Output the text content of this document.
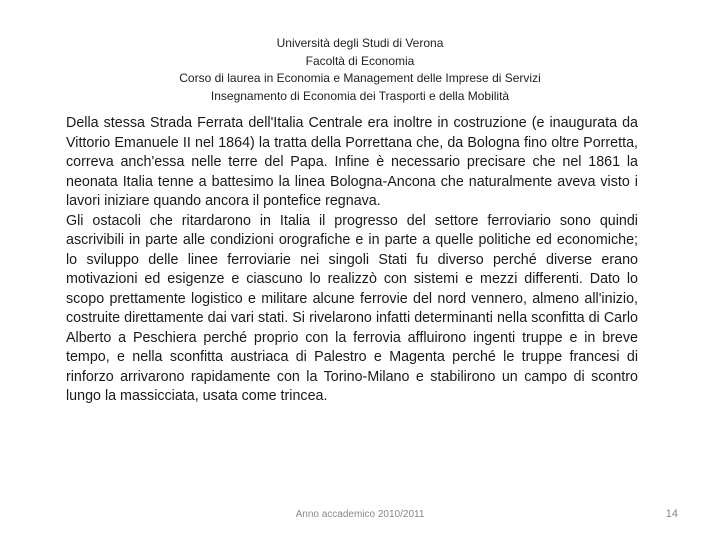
Università degli Studi di Verona
Facoltà di Economia
Corso di laurea in Economia e Management delle Imprese di Servizi
Insegnamento di Economia dei Trasporti e della Mobilità

Della stessa Strada Ferrata dell'Italia Centrale era inoltre in costruzione (e inaugurata da Vittorio Emanuele II nel 1864) la tratta della Porrettana che, da Bologna fino oltre Porretta, correva anch'essa nelle terre del Papa. Infine è necessario precisare che nel 1861 la neonata Italia tenne a battesimo la linea Bologna-Ancona che naturalmente aveva visto i lavori iniziare quando ancora il pontefice regnava.

Gli ostacoli che ritardarono in Italia il progresso del settore ferroviario sono quindi ascrivibili in parte alle condizioni orografiche e in parte a quelle politiche ed economiche; lo sviluppo delle linee ferroviarie nei singoli Stati fu diverso perché diverse erano motivazioni ed esigenze e ciascuno lo realizzò con sistemi e mezzi differenti. Dato lo scopo prettamente logistico e militare alcune ferrovie del nord vennero, almeno all'inizio, costruite direttamente dai vari stati. Si rivelarono infatti determinanti nella sconfitta di Carlo Alberto a Peschiera perché proprio con la ferrovia affluirono ingenti truppe e in breve tempo, e nella sconfitta austriaca di Palestro e Magenta perché le truppe francesi di rinforzo arrivarono rapidamente con la Torino-Milano e stabilirono un campo di scontro lungo la massicciata, usata come trincea.

Anno accademico 2010/2011	14
